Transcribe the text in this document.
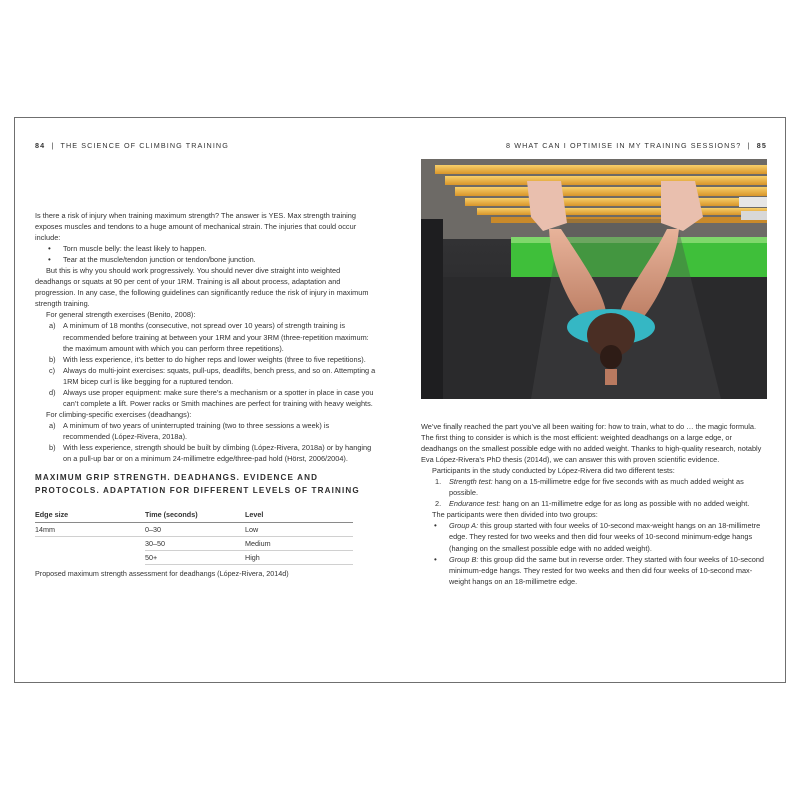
84 | THE SCIENCE OF CLIMBING TRAINING

Is there a risk of injury when training maximum strength? The answer is YES. Max strength training exposes muscles and tendons to a huge amount of mechanical strain. The injuries that could occur include:

• Torn muscle belly: the least likely to happen.
• Tear at the muscle/tendon junction or tendon/bone junction.

But this is why you should work progressively. You should never dive straight into weighted deadhangs or squats at 90 per cent of your 1RM. Training is all about process, adaptation and progression. In any case, the following guidelines can significantly reduce the risk of injury in maximum strength training.

For general strength exercises (Benito, 2008):

a) A minimum of 18 months (consecutive, not spread over 10 years) of strength training is recommended before training at between your 1RM and your 3RM (three-repetition maximum: the maximum amount with which you can perform three repetitions).
b) With less experience, it’s better to do higher reps and lower weights (three to five repetitions).
c) Always do multi-joint exercises: squats, pull-ups, deadlifts, bench press, and so on. Attempting a 1RM bicep curl is like begging for a ruptured tendon.
d) Always use proper equipment: make sure there’s a mechanism or a spotter in place in case you can’t complete a lift. Power racks or Smith machines are perfect for training with heavy weights.

For climbing-specific exercises (deadhangs):

a) A minimum of two years of uninterrupted training (two to three sessions a week) is recommended (López-Rivera, 2018a).
b) With less experience, strength should be built by climbing (López-Rivera, 2018a) or by hanging on a pull-up bar or on a minimum 24-millimetre edge/three-pad hold (Hörst, 2006/2004).
MAXIMUM GRIP STRENGTH. DEADHANGS. EVIDENCE AND PROTOCOLS. ADAPTATION FOR DIFFERENT LEVELS OF TRAINING
Edge size	Time (seconds)	Level
14mm	0–30	Low
	30–50	Medium
	50+	High
Proposed maximum strength assessment for deadhangs (López-Rivera, 2014d)
8 WHAT CAN I OPTIMISE IN MY TRAINING SESSIONS? | 85

We’ve finally reached the part you’ve all been waiting for: how to train, what to do … the magic formula. The first thing to consider is which is the most efficient: weighted deadhangs on a large edge, or deadhangs on the smallest possible edge with no added weight. Thanks to high-quality research, notably Eva López-Rivera’s PhD thesis (2014d), we can answer this with proven scientific evidence.

Participants in the study conducted by López-Rivera did two different tests:

1. Strength test: hang on a 15-millimetre edge for five seconds with as much added weight as possible.
2. Endurance test: hang on an 11-millimetre edge for as long as possible with no added weight.

The participants were then divided into two groups:

• Group A: this group started with four weeks of 10-second max-weight hangs on an 18-millimetre edge. They rested for two weeks and then did four weeks of 10-second minimum-edge hangs (hanging on the smallest possible edge with no added weight).
• Group B: this group did the same but in reverse order. They started with four weeks of 10-second minimum-edge hangs. They rested for two weeks and then did four weeks of 10-second max-weight hangs on an 18-millimetre edge.
